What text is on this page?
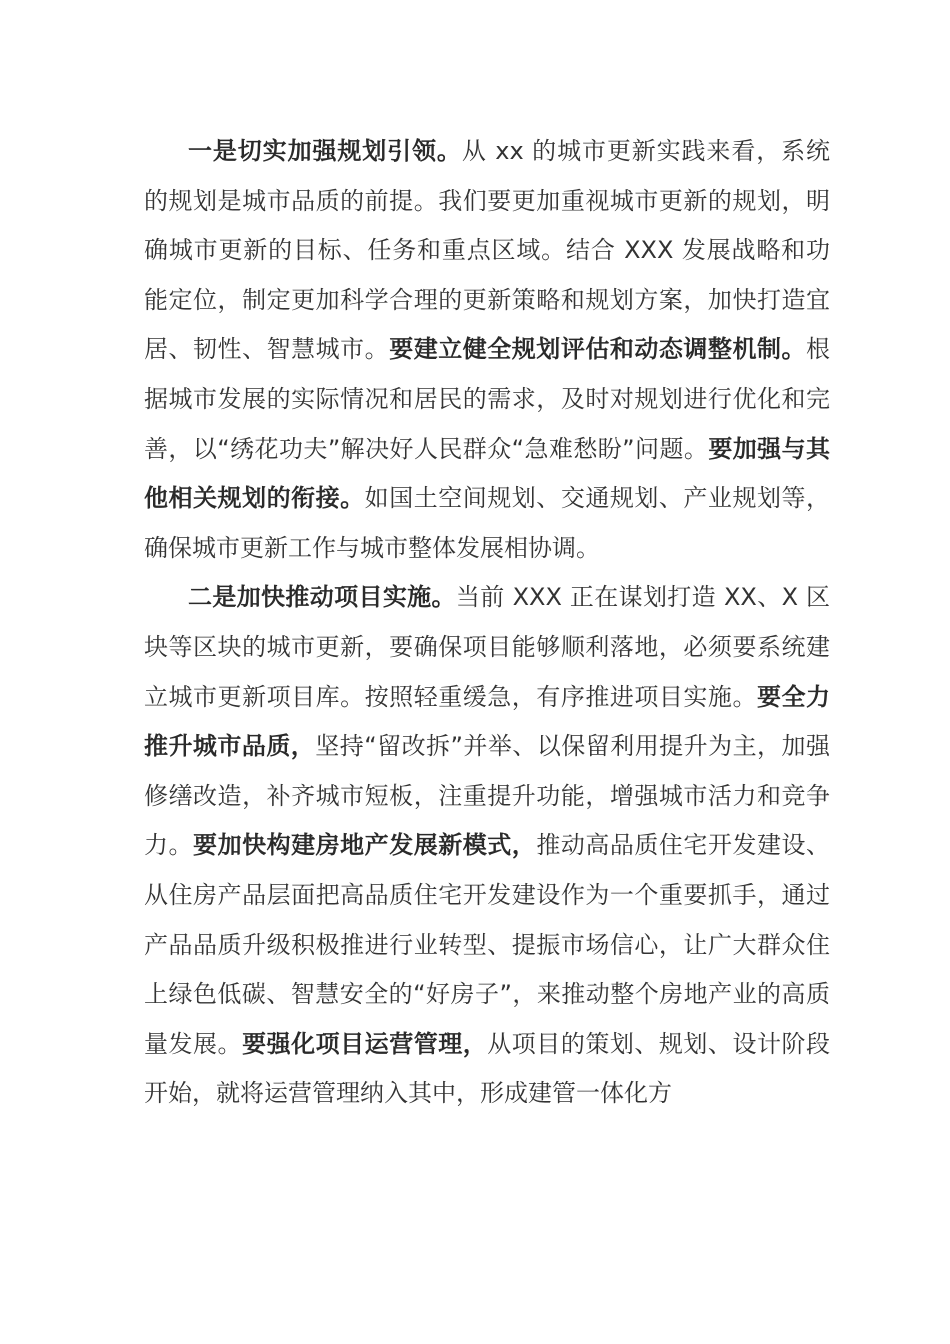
一是切实加强规划引领。从 xx 的城市更新实践来看，系统的规划是城市品质的前提。我们要更加重视城市更新的规划，明确城市更新的目标、任务和重点区域。结合 XXX 发展战略和功能定位，制定更加科学合理的更新策略和规划方案，加快打造宜居、韧性、智慧城市。要建立健全规划评估和动态调整机制。根据城市发展的实际情况和居民的需求，及时对规划进行优化和完善，以“绣花功夫”解决好人民群众“急难愁盼”问题。要加强与其他相关规划的衔接。如国土空间规划、交通规划、产业规划等，确保城市更新工作与城市整体发展相协调。

二是加快推动项目实施。当前 XXX 正在谋划打造 XX、X 区块等区块的城市更新，要确保项目能够顺利落地，必须要系统建立城市更新项目库。按照轻重缓急，有序推进项目实施。要全力推升城市品质，坚持“留改拆”并举、以保留利用提升为主，加强修缮改造，补齐城市短板，注重提升功能，增强城市活力和竞争力。要加快构建房地产发展新模式，推动高品质住宅开发建设、从住房产品层面把高品质住宅开发建设作为一个重要抓手，通过产品品质升级积极推进行业转型、提振市场信心，让广大群众住上绿色低碳、智慧安全的“好房子”，来推动整个房地产业的高质量发展。要强化项目运营管理，从项目的策划、规划、设计阶段开始，就将运营管理纳入其中，形成建管一体化方
